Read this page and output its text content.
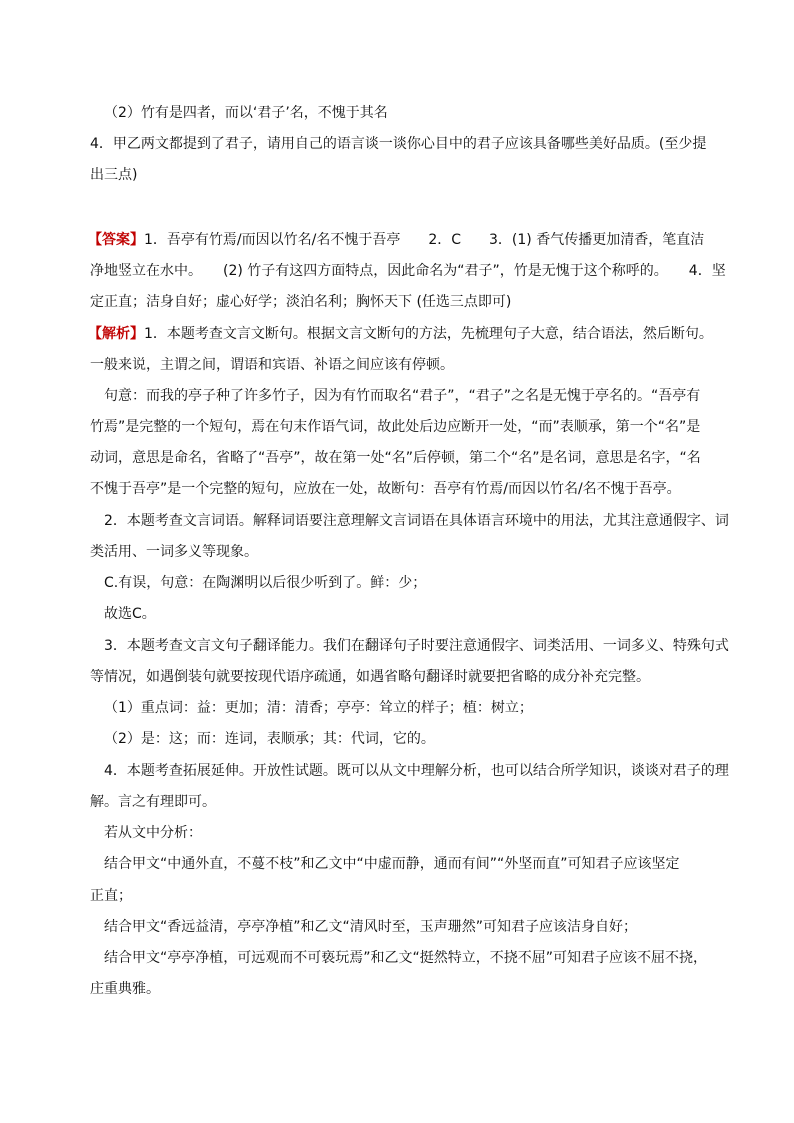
（2）竹有是四者，而以‘君子’名，不愧于其名
4．甲乙两文都提到了君子，请用自己的语言谈一谈你心目中的君子应该具备哪些美好品质。(至少提
出三点)
【答案】1．吾亭有竹焉/而因以竹名/名不愧于吾亭　　2．C　　3．(1) 香气传播更加清香，笔直洁
净地竖立在水中。　　(2) 竹子有这四方面特点，因此命名为“君子”，竹是无愧于这个称呼的。　　4．坚
定正直；洁身自好；虚心好学；淡泊名利；胸怀天下 (任选三点即可)
【解析】1．本题考查文言文断句。根据文言文断句的方法，先梳理句子大意，结合语法，然后断句。
一般来说，主谓之间，谓语和宾语、补语之间应该有停顿。
句意：而我的亭子种了许多竹子，因为有竹而取名“君子”，“君子”之名是无愧于亭名的。“吾亭有
竹焉”是完整的一个短句，焉在句末作语气词，故此处后边应断开一处，“而”表顺承，第一个“名”是
动词，意思是命名，省略了“吾亭”，故在第一处“名”后停顿，第二个“名”是名词，意思是名字，“名
不愧于吾亭”是一个完整的短句，应放在一处，故断句：吾亭有竹焉/而因以竹名/名不愧于吾亭。
2．本题考查文言词语。解释词语要注意理解文言词语在具体语言环境中的用法，尤其注意通假字、词
类活用、一词多义等现象。
C.有误，句意：在陶渊明以后很少听到了。鲜：少；
故选C。
3．本题考查文言文句子翻译能力。我们在翻译句子时要注意通假字、词类活用、一词多义、特殊句式
等情况，如遇倒装句就要按现代语序疏通，如遇省略句翻译时就要把省略的成分补充完整。
（1）重点词：益：更加；清：清香；亭亭：耸立的样子；植：树立；
（2）是：这；而：连词，表顺承；其：代词，它的。
4．本题考查拓展延伸。开放性试题。既可以从文中理解分析，也可以结合所学知识，谈谈对君子的理
解。言之有理即可。
若从文中分析：
结合甲文“中通外直，不蔓不枝”和乙文中“中虚而静，通而有间”“外坚而直”可知君子应该坚定
正直；
结合甲文“香远益清，亭亭净植”和乙文“清风时至，玉声珊然”可知君子应该洁身自好；
结合甲文“亭亭净植，可远观而不可亵玩焉”和乙文“挺然特立，不挠不屈”可知君子应该不屈不挠，
庄重典雅。
